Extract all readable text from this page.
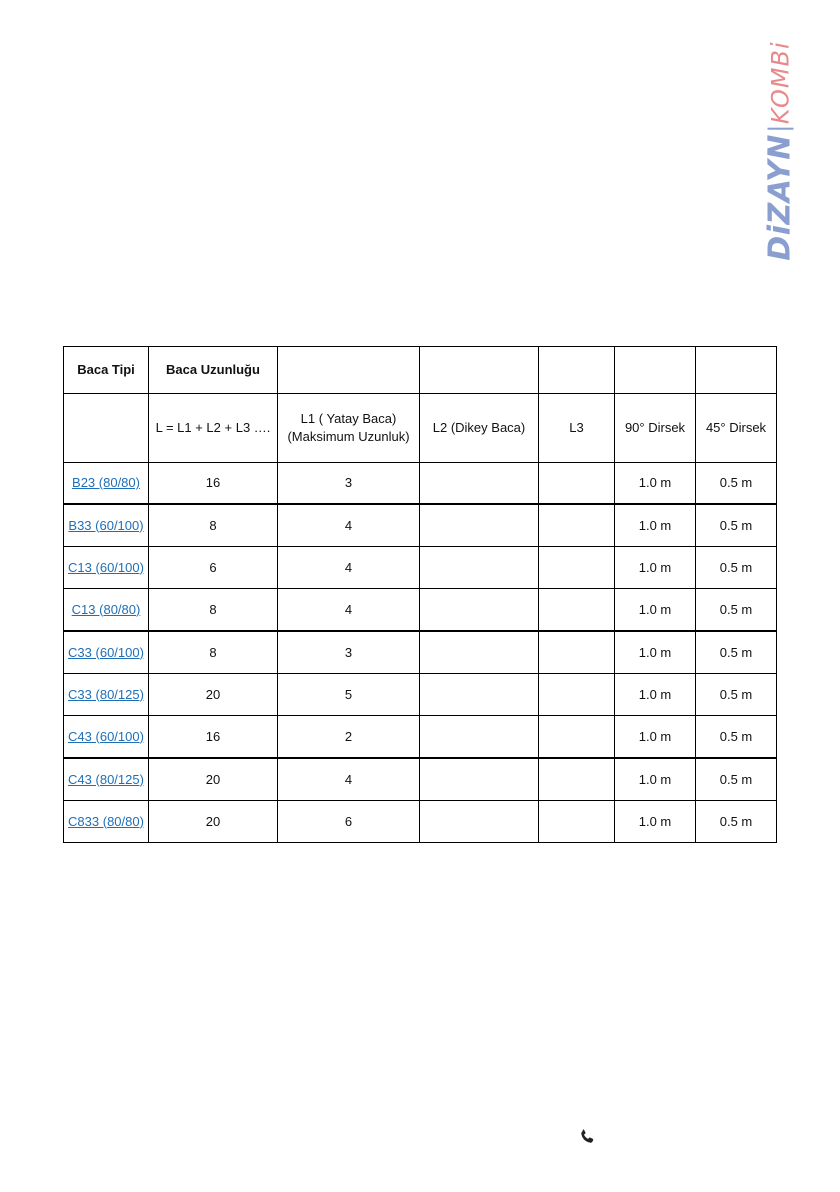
DiZAYN
KOMBi
Baca Tipi	Baca Uzunluğu					
	L = L1 + L2 + L3 ….	L1 ( Yatay Baca) (Maksimum Uzunluk)	L2 (Dikey Baca)	L3	90° Dirsek	45° Dirsek
B23 (80/80)	16	3			1.0 m	0.5 m
B33 (60/100)	8	4			1.0 m	0.5 m
C13 (60/100)	6	4			1.0 m	0.5 m
C13 (80/80)	8	4			1.0 m	0.5 m
C33 (60/100)	8	3			1.0 m	0.5 m
C33 (80/125)	20	5			1.0 m	0.5 m
C43 (60/100)	16	2			1.0 m	0.5 m
C43 (80/125)	20	4			1.0 m	0.5 m
C833 (80/80)	20	6			1.0 m	0.5 m
